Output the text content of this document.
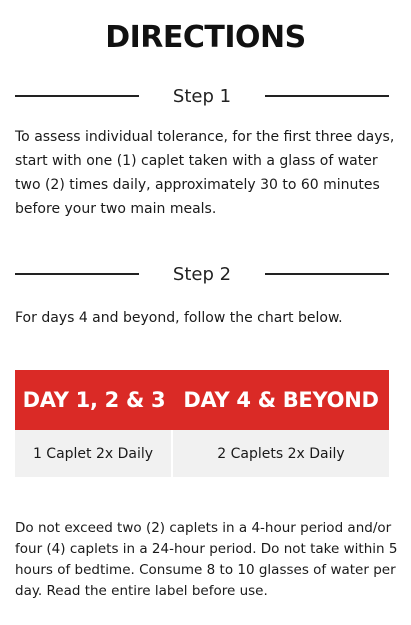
DIRECTIONS
Step 1
To assess individual tolerance, for the first three days, start with one (1) caplet taken with a glass of water two (2) times daily, approximately 30 to 60 minutes before your two main meals.
Step 2
For days 4 and beyond, follow the chart below.
DAY 1, 2 & 3 DAY 4 & BEYOND
1 Caplet 2x Daily	2 Caplets 2x Daily
Do not exceed two (2) caplets in a 4-hour period and/or four (4) caplets in a 24-hour period. Do not take within 5 hours of bedtime. Consume 8 to 10 glasses of water per day. Read the entire label before use.
